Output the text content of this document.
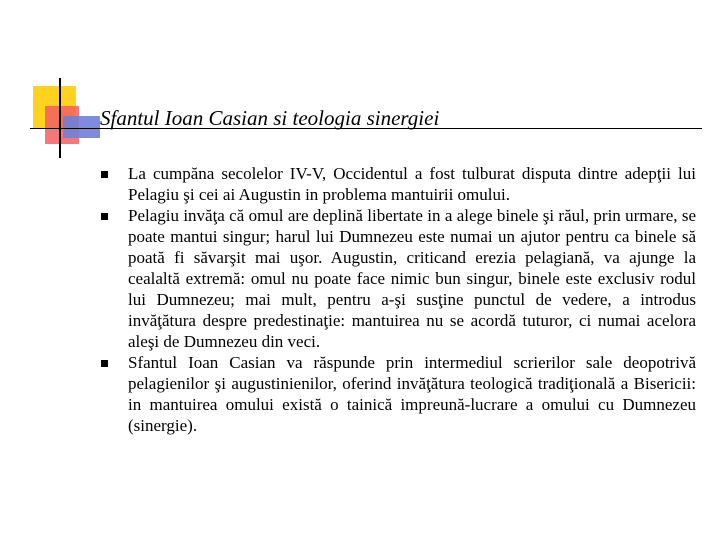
Sfantul Ioan Casian si teologia sinergiei
La cumpăna secolelor IV-V, Occidentul a fost tulburat disputa dintre adepţii lui Pelagiu şi cei ai Augustin in problema mantuirii omului.
Pelagiu invăţa că omul are deplină libertate in a alege binele şi răul, prin urmare, se poate mantui singur; harul lui Dumnezeu este numai un ajutor pentru ca binele să poată fi săvarşit mai uşor. Augustin, criticand erezia pelagiană, va ajunge la cealaltă extremă: omul nu poate face nimic bun singur, binele este exclusiv rodul lui Dumnezeu; mai mult, pentru a-şi susţine punctul de vedere, a introdus invăţătura despre predestinaţie: mantuirea nu se acordă tuturor, ci numai acelora aleşi de Dumnezeu din veci.
Sfantul Ioan Casian va răspunde prin intermediul scrierilor sale deopotrivă pelagienilor şi augustinienilor, oferind invăţătura teologică tradiţională a Bisericii: in mantuirea omului există o tainică impreună-lucrare a omului cu Dumnezeu (sinergie).
